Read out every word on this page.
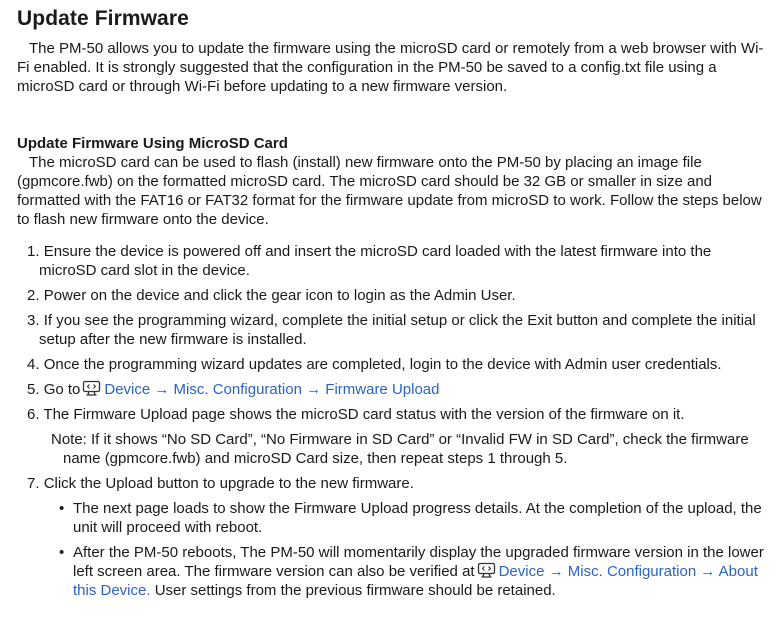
Update Firmware

The PM-50 allows you to update the firmware using the microSD card or remotely from a web browser with Wi-Fi enabled. It is strongly suggested that the configuration in the PM-50 be saved to a config.txt file using a microSD card or through Wi-Fi before updating to a new firmware version.

Update Firmware Using MicroSD Card

The microSD card can be used to flash (install) new firmware onto the PM-50 by placing an image file (gpmcore.fwb) on the formatted microSD card. The microSD card should be 32 GB or smaller in size and formatted with the FAT16 or FAT32 format for the firmware update from microSD to work. Follow the steps below to flash new firmware onto the device.

1. Ensure the device is powered off and insert the microSD card loaded with the latest firmware into the microSD card slot in the device.
2. Power on the device and click the gear icon to login as the Admin User.
3. If you see the programming wizard, complete the initial setup or click the Exit button and complete the initial setup after the new firmware is installed.
4. Once the programming wizard updates are completed, login to the device with Admin user credentials.
5. Go to Device → Misc. Configuration → Firmware Upload
6. The Firmware Upload page shows the microSD card status with the version of the firmware on it.
Note: If it shows “No SD Card”, “No Firmware in SD Card” or “Invalid FW in SD Card”, check the firmware name (gpmcore.fwb) and microSD Card size, then repeat steps 1 through 5.
7. Click the Upload button to upgrade to the new firmware.
• The next page loads to show the Firmware Upload progress details. At the completion of the upload, the unit will proceed with reboot.
• After the PM-50 reboots, The PM-50 will momentarily display the upgraded firmware version in the lower left screen area. The firmware version can also be verified at Device → Misc. Configuration → About this Device. User settings from the previous firmware should be retained.
